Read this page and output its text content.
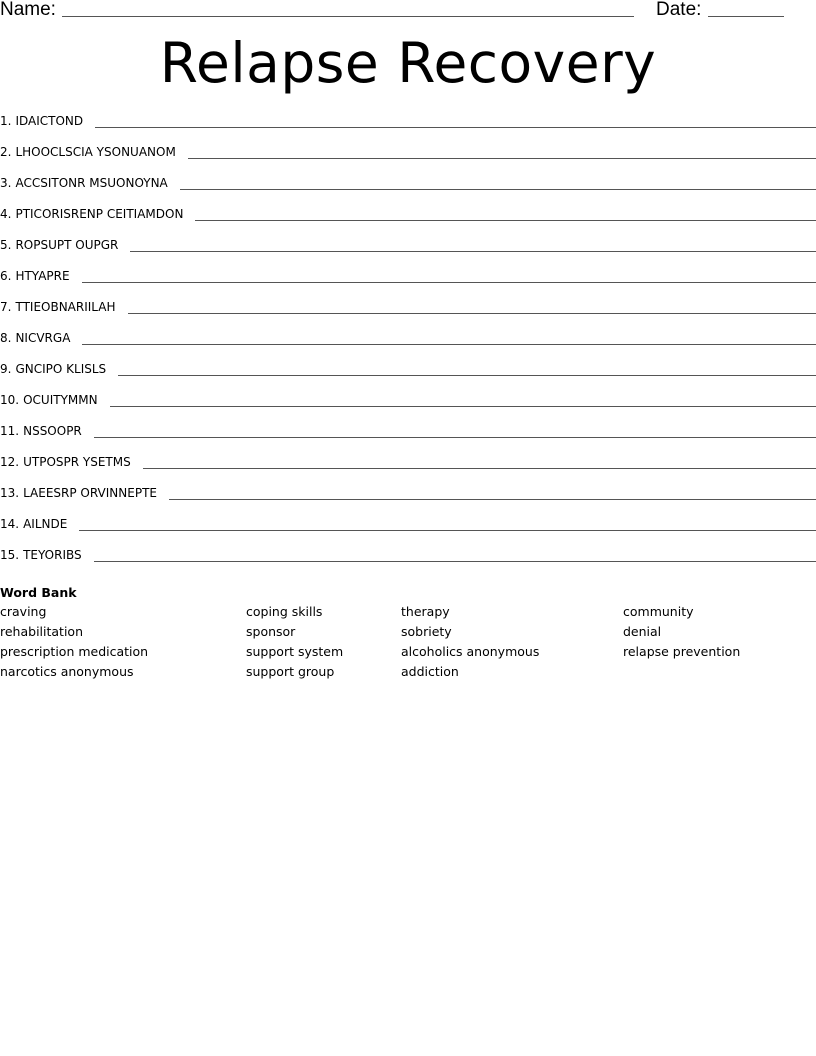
Name:	Date:
Relapse Recovery
1. IDAICTOND
2. LHOOCLSCIA YSONUANOM
3. ACCSITONR MSUONOYNA
4. PTICORISRENP CEITIAMDON
5. ROPSUPT OUPGR
6. HTYAPRE
7. TTIEOBNARIILAH
8. NICVRGA
9. GNCIPO KLISLS
10. OCUITYMMN
11. NSSOOPR
12. UTPOSPR YSETMS
13. LAEESRP ORVINNEPTE
14. AILNDE
15. TEYORIBS
Word Bank
craving
rehabilitation
prescription medication
narcotics anonymous
coping skills
sponsor
support system
support group
therapy
sobriety
alcoholics anonymous
addiction
community
denial
relapse prevention
